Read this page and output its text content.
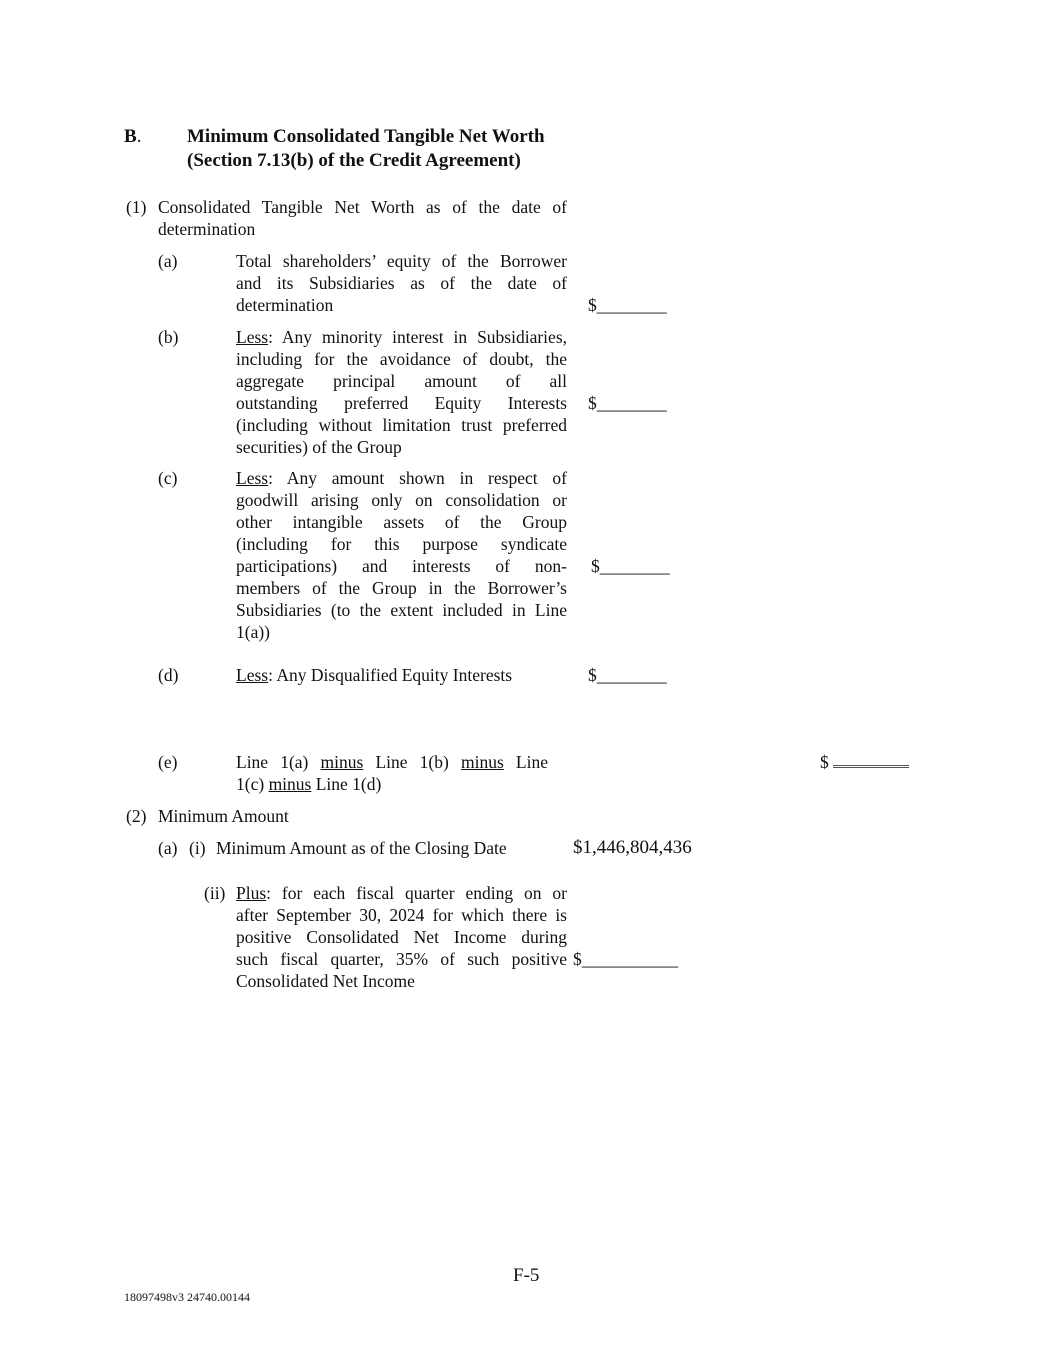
B. Minimum Consolidated Tangible Net Worth
(Section 7.13(b) of the Credit Agreement)
(1) Consolidated Tangible Net Worth as of the date of
determination
(a)	Total shareholders’ equity of the Borrower
and its Subsidiaries as of the date of
determination	$________
(b)	Less: Any minority interest in Subsidiaries,
including for the avoidance of doubt, the
aggregate principal amount of all
outstanding preferred Equity Interests
(including without limitation trust preferred
securities) of the Group
$________
(c)	Less: Any amount shown in respect of
goodwill arising only on consolidation or
other intangible assets of the Group
(including for this purpose syndicate
participations) and interests of non-
members of the Group in the Borrower’s
Subsidiaries (to the extent included in Line
1(a))
$________
(d)	Less: Any Disqualified Equity Interests	$________
(e)	Line 1(a) minus Line 1(b) minus Line
1(c) minus Line 1(d)
$
(2) Minimum Amount
(a) (i) Minimum Amount as of the Closing Date	$1,446,804,436
(ii) Plus: for each fiscal quarter ending on or
after September 30, 2024 for which there is
positive Consolidated Net Income during
such fiscal quarter, 35% of such positive
Consolidated Net Income
$___________
F-5
18097498v3 24740.00144
